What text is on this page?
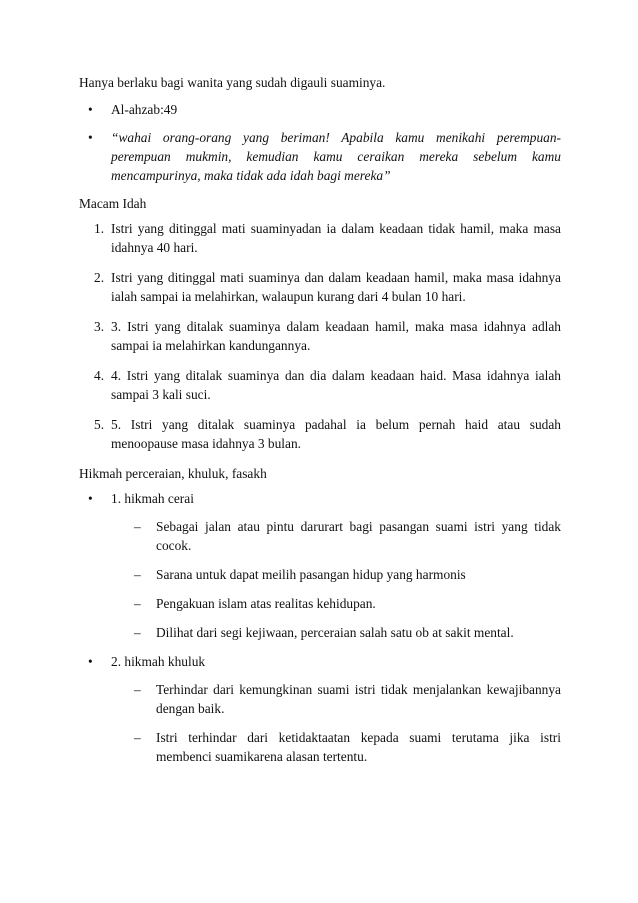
Hanya berlaku bagi wanita yang sudah digauli suaminya.

• Al-ahzab:49

• “wahai orang-orang yang beriman! Apabila kamu menikahi perempuan-perempuan mukmin, kemudian kamu ceraikan mereka sebelum kamu mencampurinya, maka tidak ada idah bagi mereka”

Macam Idah

1. Istri yang ditinggal mati suaminyadan ia dalam keadaan tidak hamil, maka masa idahnya 40 hari.

2. Istri yang ditinggal mati suaminya dan dalam keadaan hamil, maka masa idahnya ialah sampai ia melahirkan, walaupun kurang dari 4 bulan 10 hari.

3. 3. Istri yang ditalak suaminya dalam keadaan hamil, maka masa idahnya adlah sampai ia melahirkan kandungannya.

4. 4. Istri yang ditalak suaminya dan dia dalam keadaan haid. Masa idahnya ialah sampai 3 kali suci.

5. 5. Istri yang ditalak suaminya padahal ia belum pernah haid atau sudah menoopause masa idahnya 3 bulan.

Hikmah perceraian, khuluk, fasakh

• 1. hikmah cerai

– Sebagai jalan atau pintu darurart bagi pasangan suami istri yang tidak cocok.

– Sarana untuk dapat meilih pasangan hidup yang harmonis

– Pengakuan islam atas realitas kehidupan.

– Dilihat dari segi kejiwaan, perceraian salah satu ob at sakit mental.

• 2. hikmah khuluk

– Terhindar dari kemungkinan suami istri tidak menjalankan kewajibannya dengan baik.

– Istri terhindar dari ketidaktaatan kepada suami terutama jika istri membenci suamikarena alasan tertentu.
